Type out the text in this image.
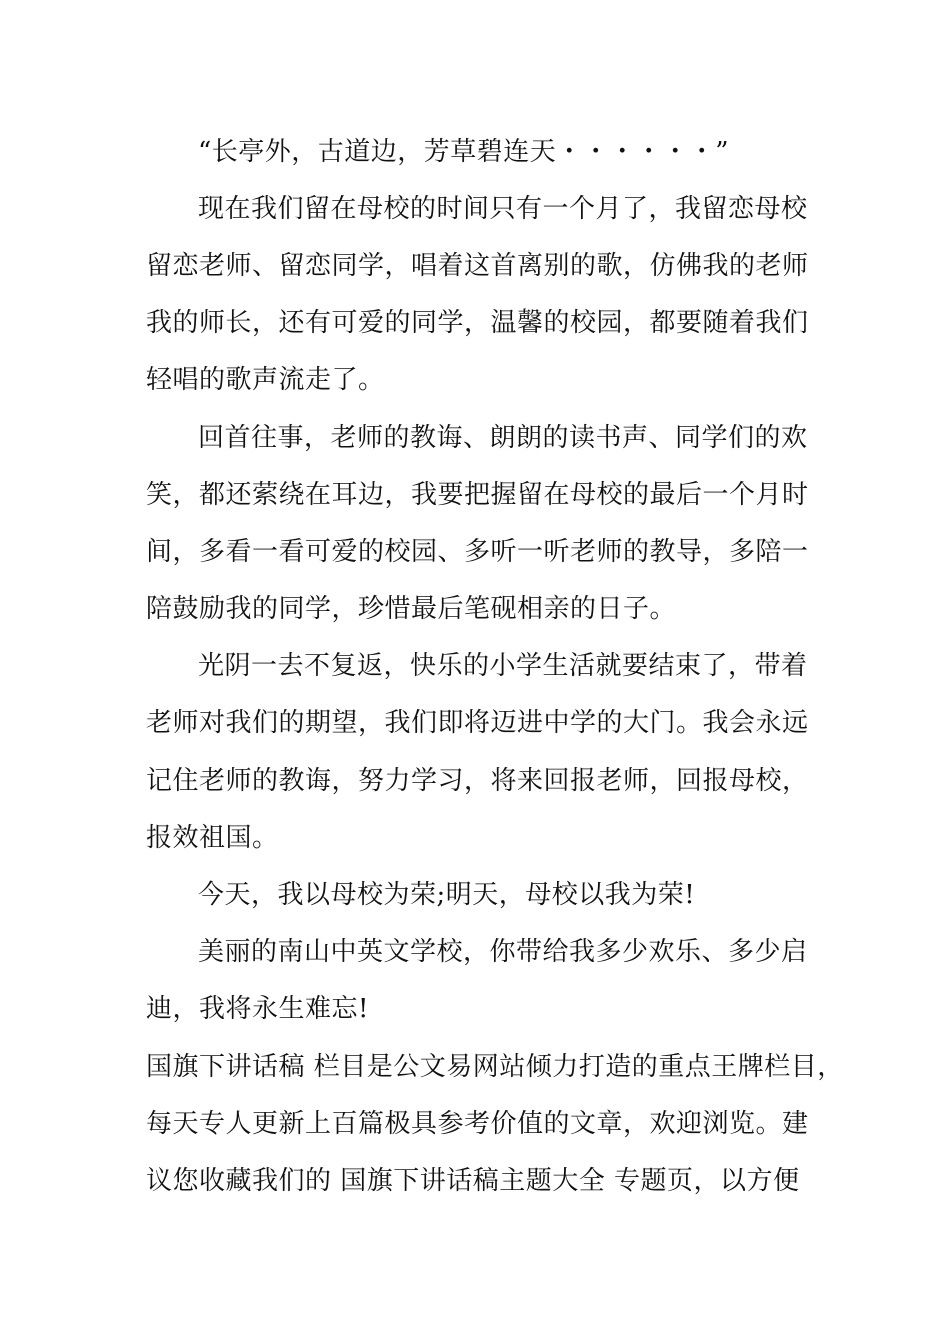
“长亭外，古道边，芳草碧连天・・・・・・”
现在我们留在母校的时间只有一个月了，我留恋母校
留恋老师、留恋同学，唱着这首离别的歌，仿佛我的老师
我的师长，还有可爱的同学，温馨的校园，都要随着我们
轻唱的歌声流走了。
回首往事，老师的教诲、朗朗的读书声、同学们的欢
笑，都还萦绕在耳边，我要把握留在母校的最后一个月时
间，多看一看可爱的校园、多听一听老师的教导，多陪一
陪鼓励我的同学，珍惜最后笔砚相亲的日子。
光阴一去不复返，快乐的小学生活就要结束了，带着
老师对我们的期望，我们即将迈进中学的大门。我会永远
记住老师的教诲，努力学习，将来回报老师，回报母校，
报效祖国。
今天，我以母校为荣;明天，母校以我为荣!
美丽的南山中英文学校，你带给我多少欢乐、多少启
迪，我将永生难忘!
国旗下讲话稿 栏目是公文易网站倾力打造的重点王牌栏目，
每天专人更新上百篇极具参考价值的文章，欢迎浏览。建
议您收藏我们的 国旗下讲话稿主题大全 专题页，以方便
